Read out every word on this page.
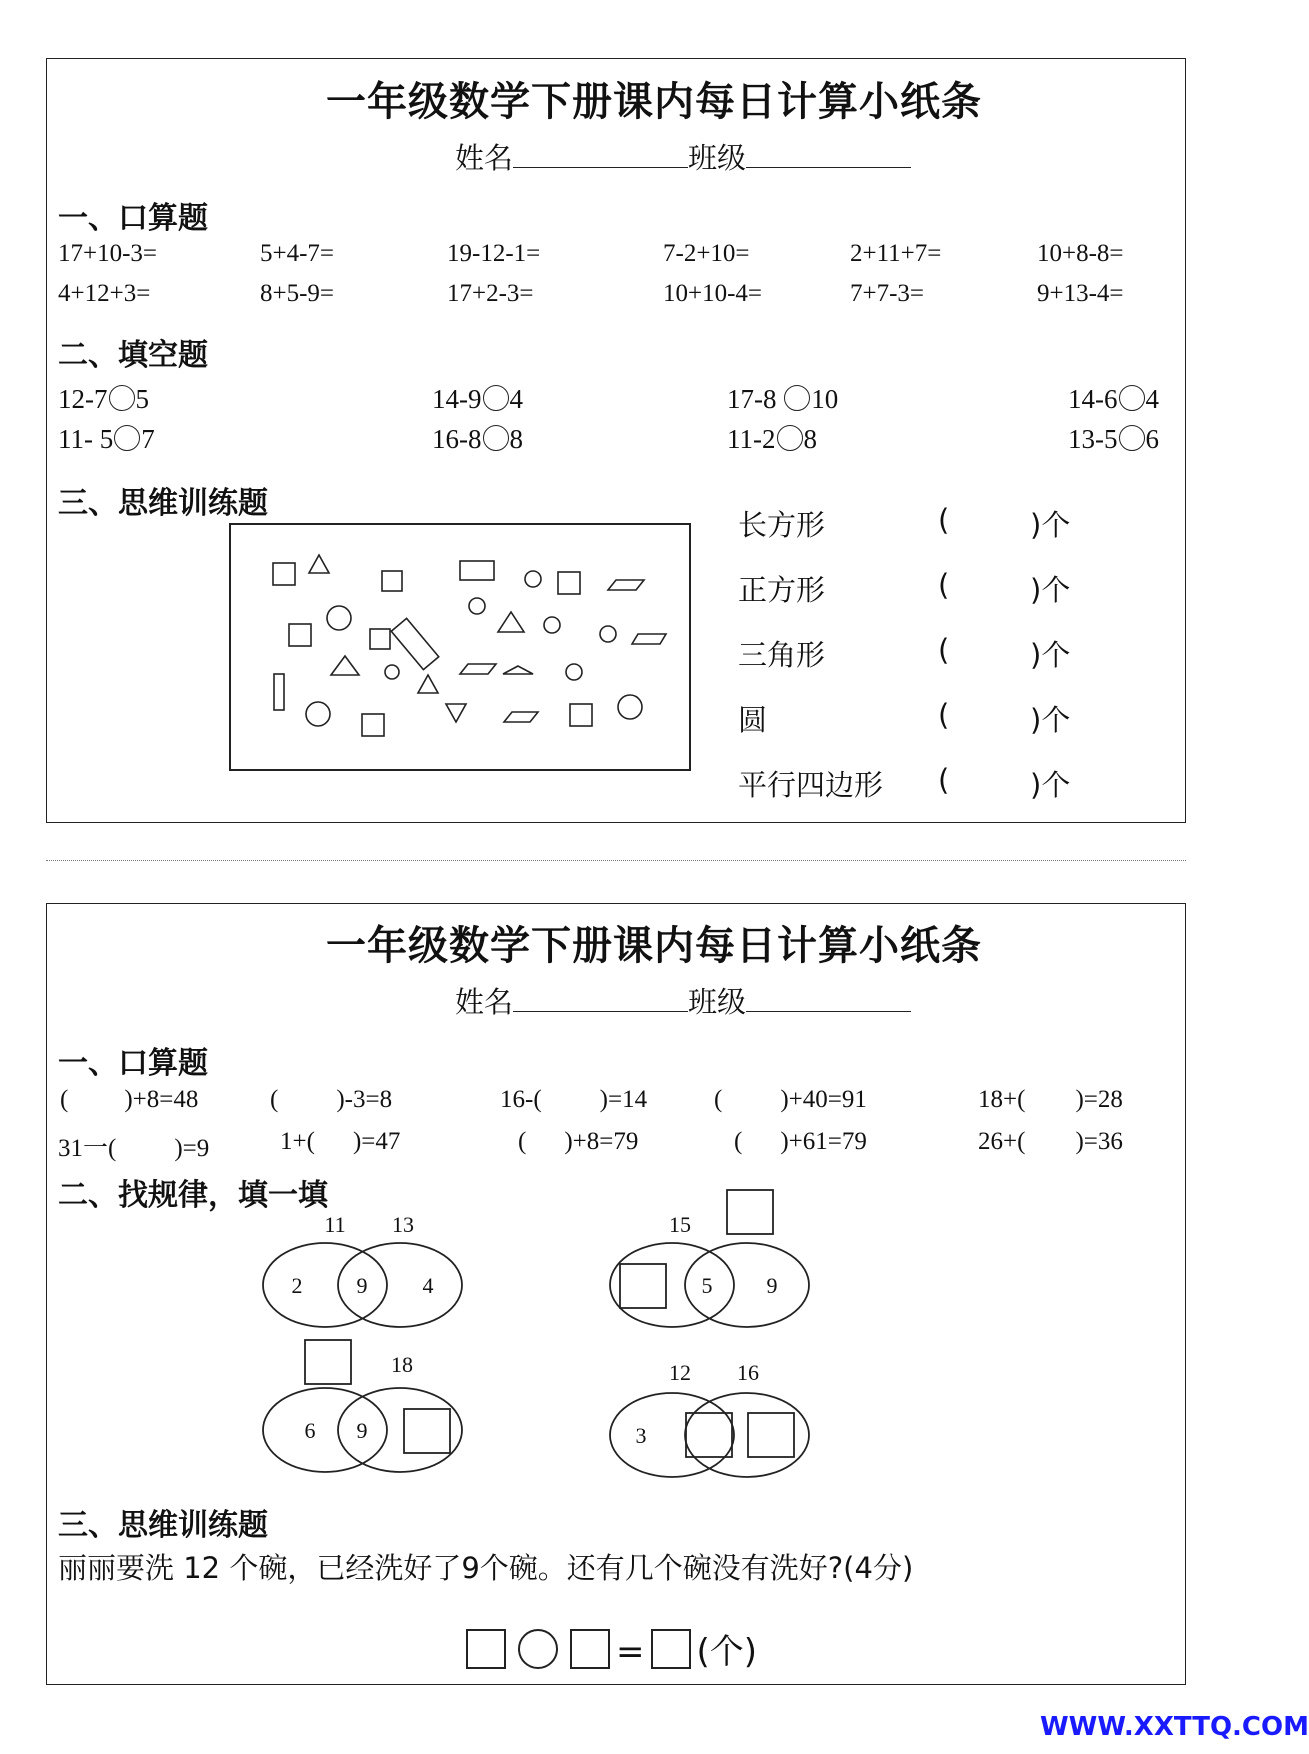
一年级数学下册课内每日计算小纸条
姓名	班级
一、口算题
17+10-3=	5+4-7=	19-12-1=	7-2+10=	2+11+7=	10+8-8=
4+12+3=	8+5-9=	17+2-3=	10+10-4=	7+7-3=	9+13-4=
二、填空题
12-7 5	14-9 4	17-8 10	14-6 4
11- 5 7	16-8 8	11-2 8	13-5 6
三、思维训练题
长方形	(	)个
正方形	(	)个
三角形	(	)个
圆	(	)个
平行四边形 (	)个
一年级数学下册课内每日计算小纸条
姓名	班级
一、口算题
( )+8=48	( )-3=8	16-( )=14	( )+40=91	18+( )=28
31一( )=9	1+( )=47	( )+8=79	( )+61=79	26+( )=36
二、找规律，填一填
11 13
2 9	4
15
5 9
18
6 9
12 16
3
三、思维训练题
丽丽要洗 12 个碗，已经洗好了9个碗。还有几个碗没有洗好?(4分)
= (个)
WWW.XXTTQ.COM
